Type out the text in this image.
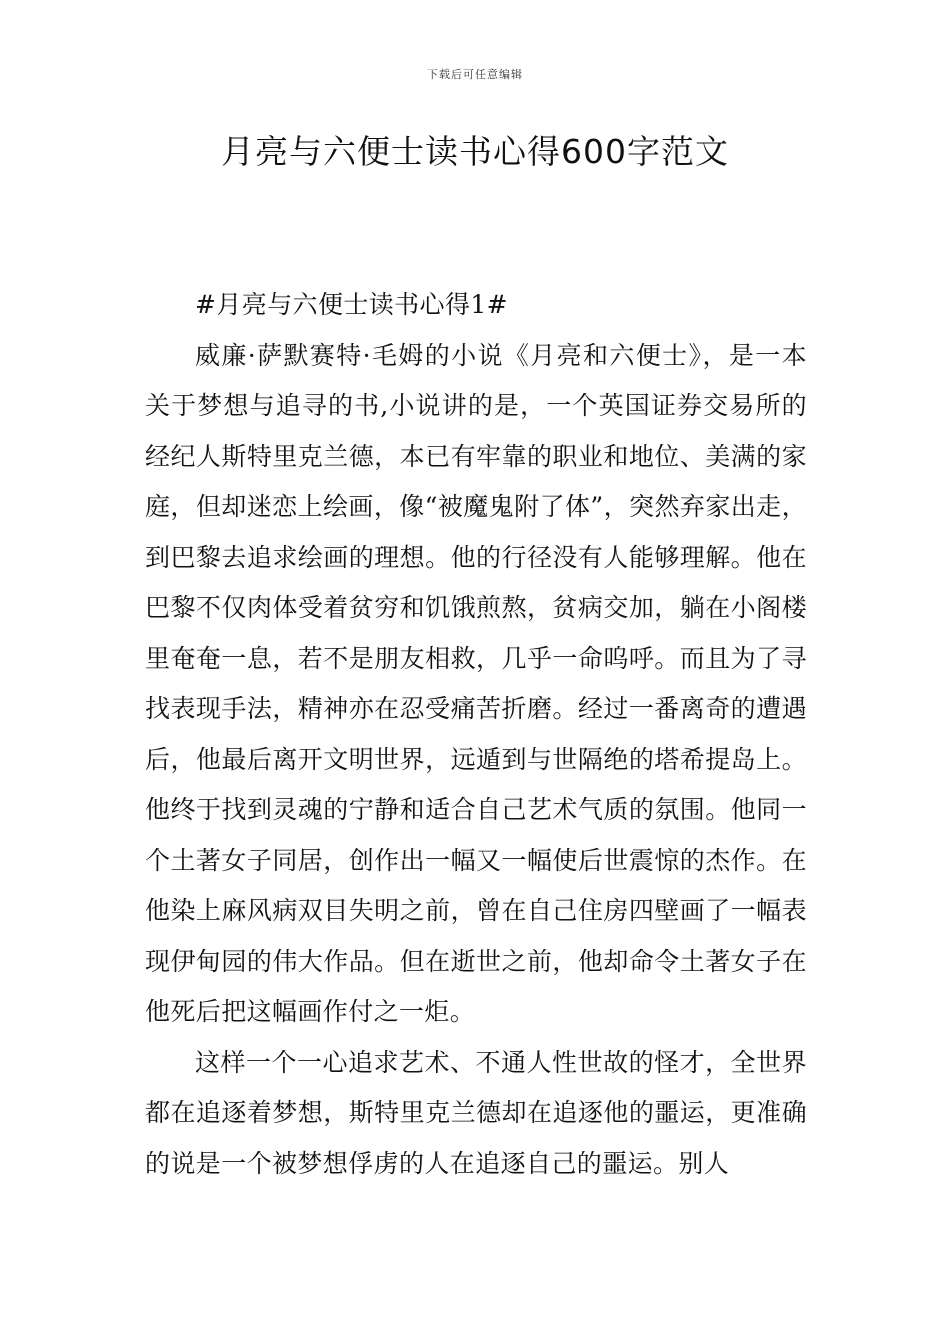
下载后可任意编辑
月亮与六便士读书心得600字范文

#月亮与六便士读书心得1#

威廉·萨默赛特·毛姆的小说《月亮和六便士》，是一本关于梦想与追寻的书,小说讲的是，一个英国证券交易所的经纪人斯特里克兰德，本已有牢靠的职业和地位、美满的家庭，但却迷恋上绘画，像“被魔鬼附了体”，突然弃家出走，到巴黎去追求绘画的理想。他的行径没有人能够理解。他在巴黎不仅肉体受着贫穷和饥饿煎熬，贫病交加，躺在小阁楼里奄奄一息，若不是朋友相救，几乎一命呜呼。而且为了寻找表现手法，精神亦在忍受痛苦折磨。经过一番离奇的遭遇后，他最后离开文明世界，远遁到与世隔绝的塔希提岛上。他终于找到灵魂的宁静和适合自己艺术气质的氛围。他同一个土著女子同居，创作出一幅又一幅使后世震惊的杰作。在他染上麻风病双目失明之前，曾在自己住房四壁画了一幅表现伊甸园的伟大作品。但在逝世之前，他却命令土著女子在他死后把这幅画作付之一炬。

这样一个一心追求艺术、不通人性世故的怪才，全世界都在追逐着梦想，斯特里克兰德却在追逐他的噩运，更准确的说是一个被梦想俘虏的人在追逐自己的噩运。别人
